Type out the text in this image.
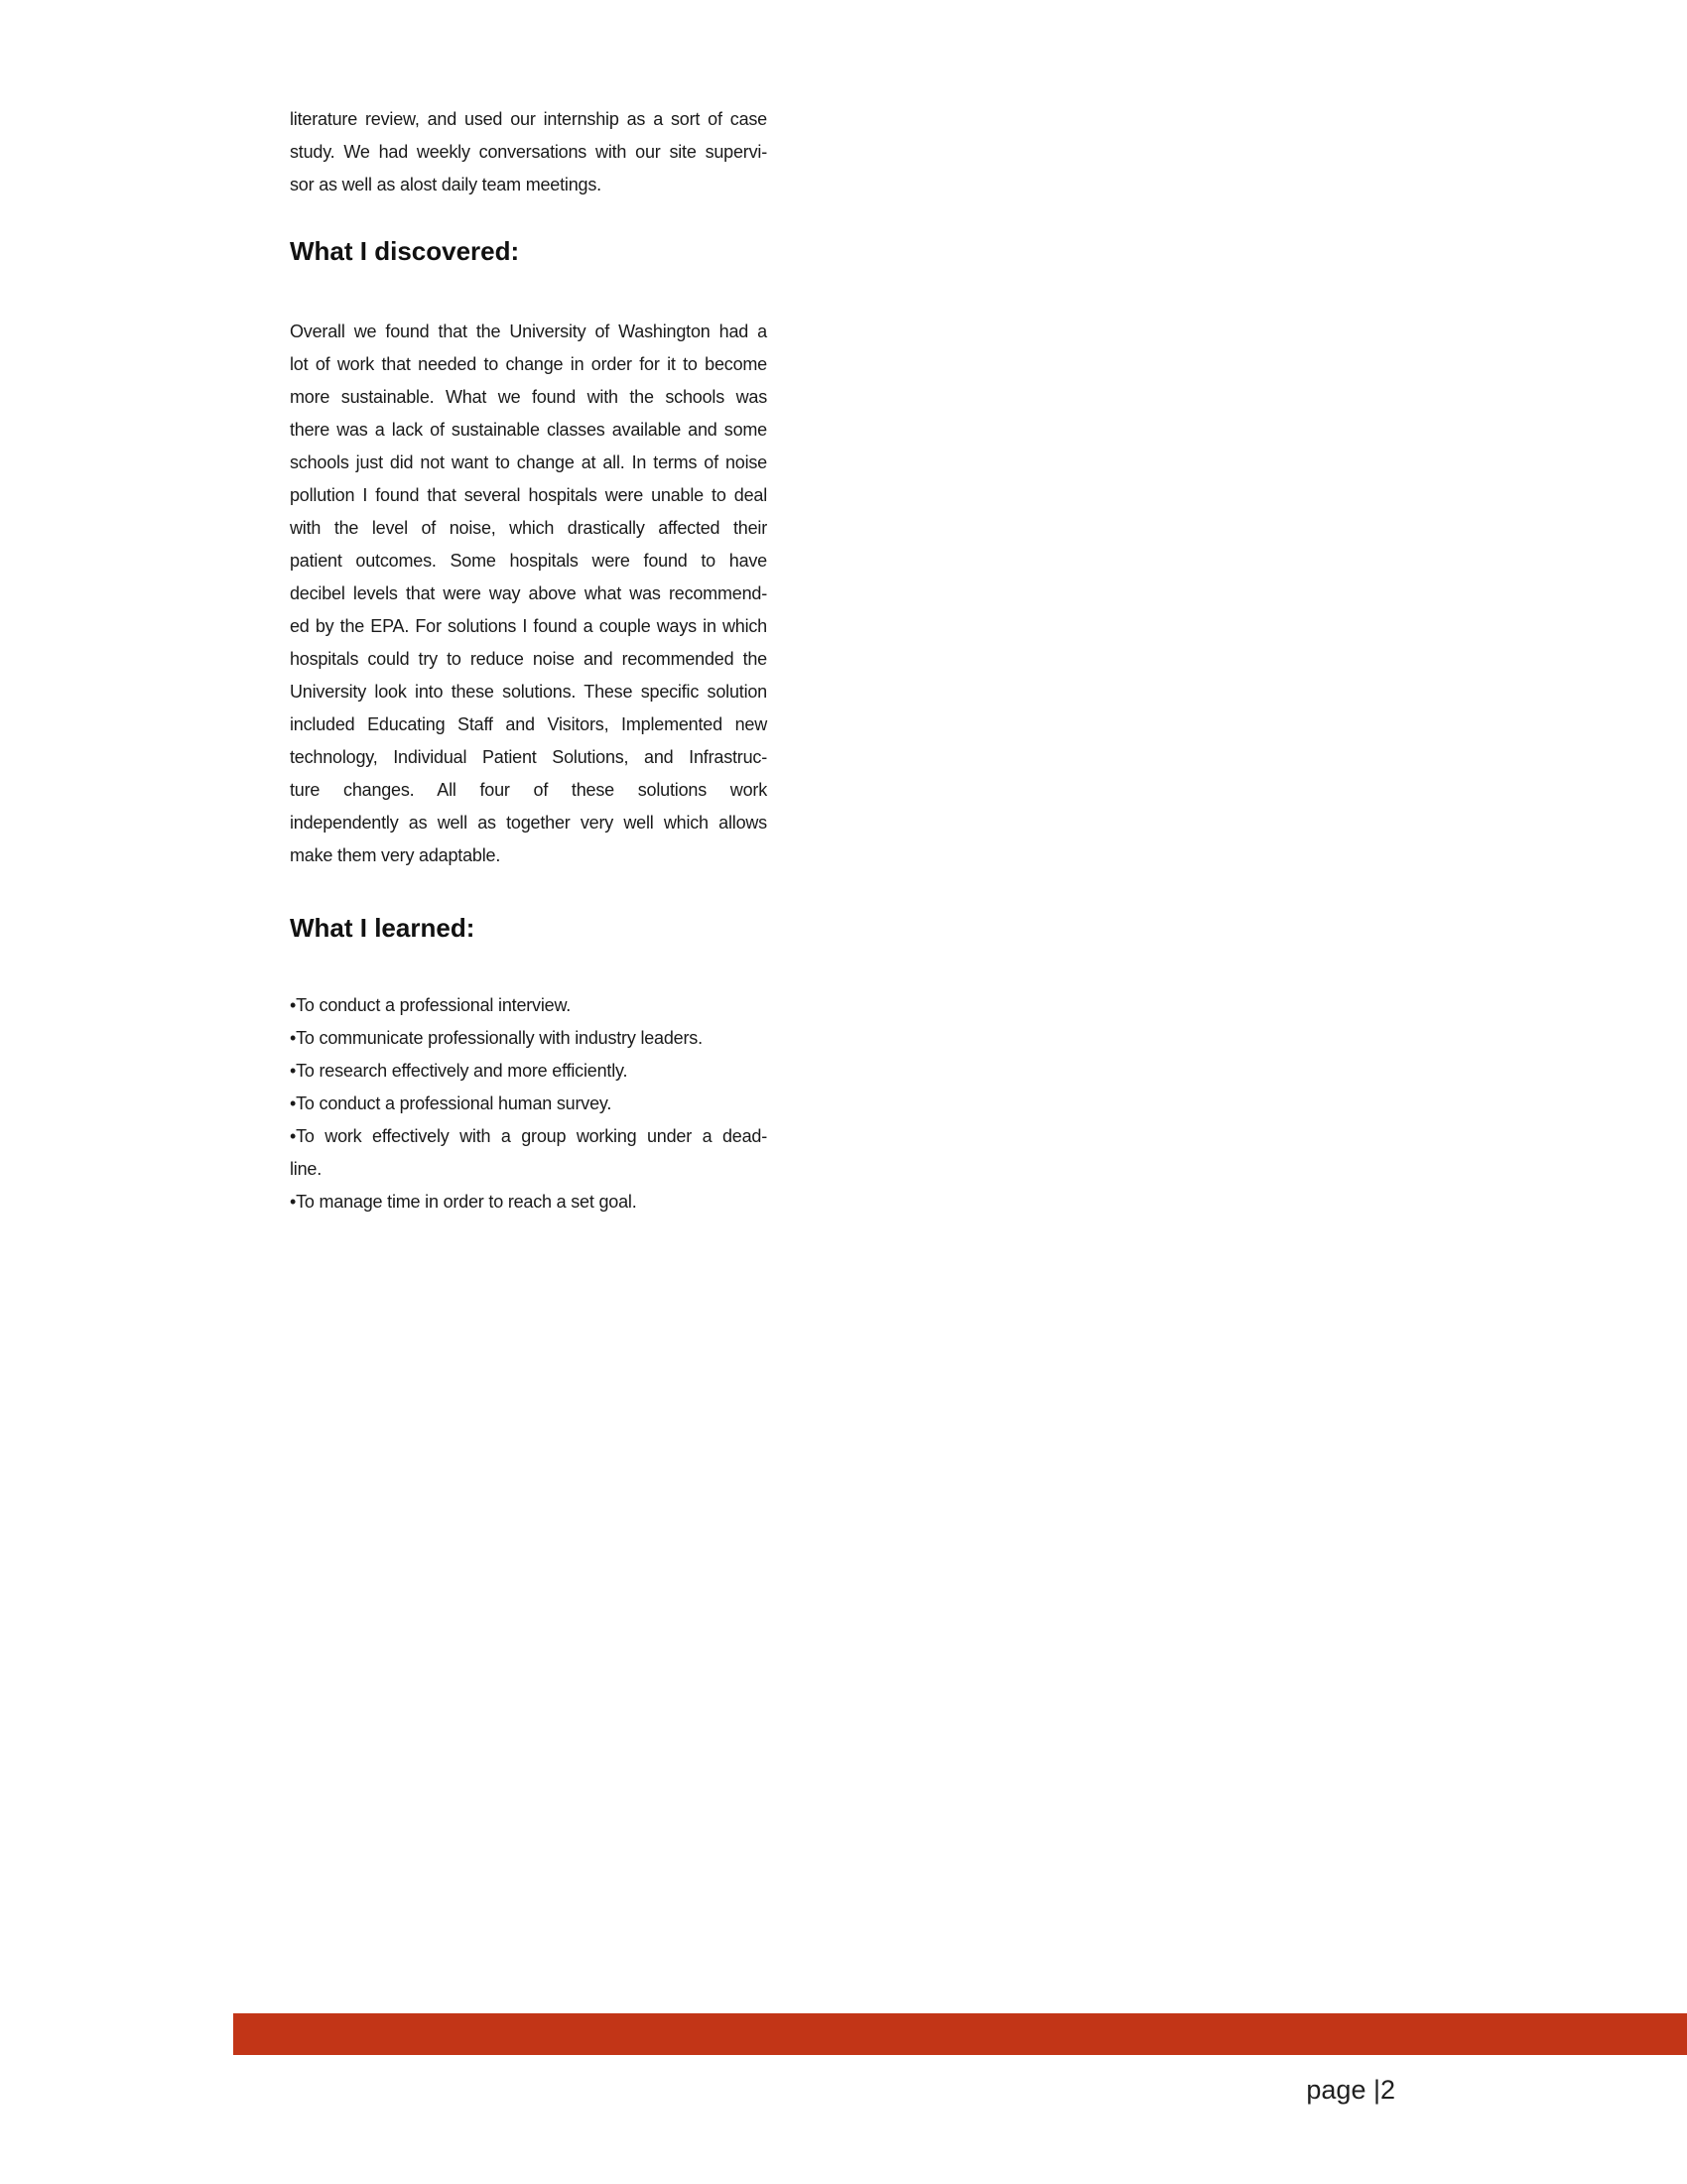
literature review, and used our internship as a sort of case
study. We had weekly conversations with our site supervi-
sor as well as alost daily team meetings.
What I discovered:
Overall we found that the University of Washington had a
lot of work that needed to change in order for it to become
more sustainable. What we found with the schools was
there was a lack of sustainable classes available and some
schools just did not want to change at all. In terms of noise
pollution I found that several hospitals were unable to deal
with the level of noise, which drastically affected their
patient outcomes. Some hospitals were found to have
decibel levels that were way above what was recommend-
ed by the EPA. For solutions I found a couple ways in which
hospitals could try to reduce noise and recommended the
University look into these solutions. These specific solution
included Educating Staff and Visitors, Implemented new
technology, Individual Patient Solutions, and Infrastruc-
ture changes. All four of these solutions work
independently as well as together very well which allows
make them very adaptable.
What I learned:
•To conduct a professional interview.
•To communicate professionally with industry leaders.
•To research effectively and more efficiently.
•To conduct a professional human survey.
•To work effectively with a group working under a dead-
line.
•To manage time in order to reach a set goal.
page |2
